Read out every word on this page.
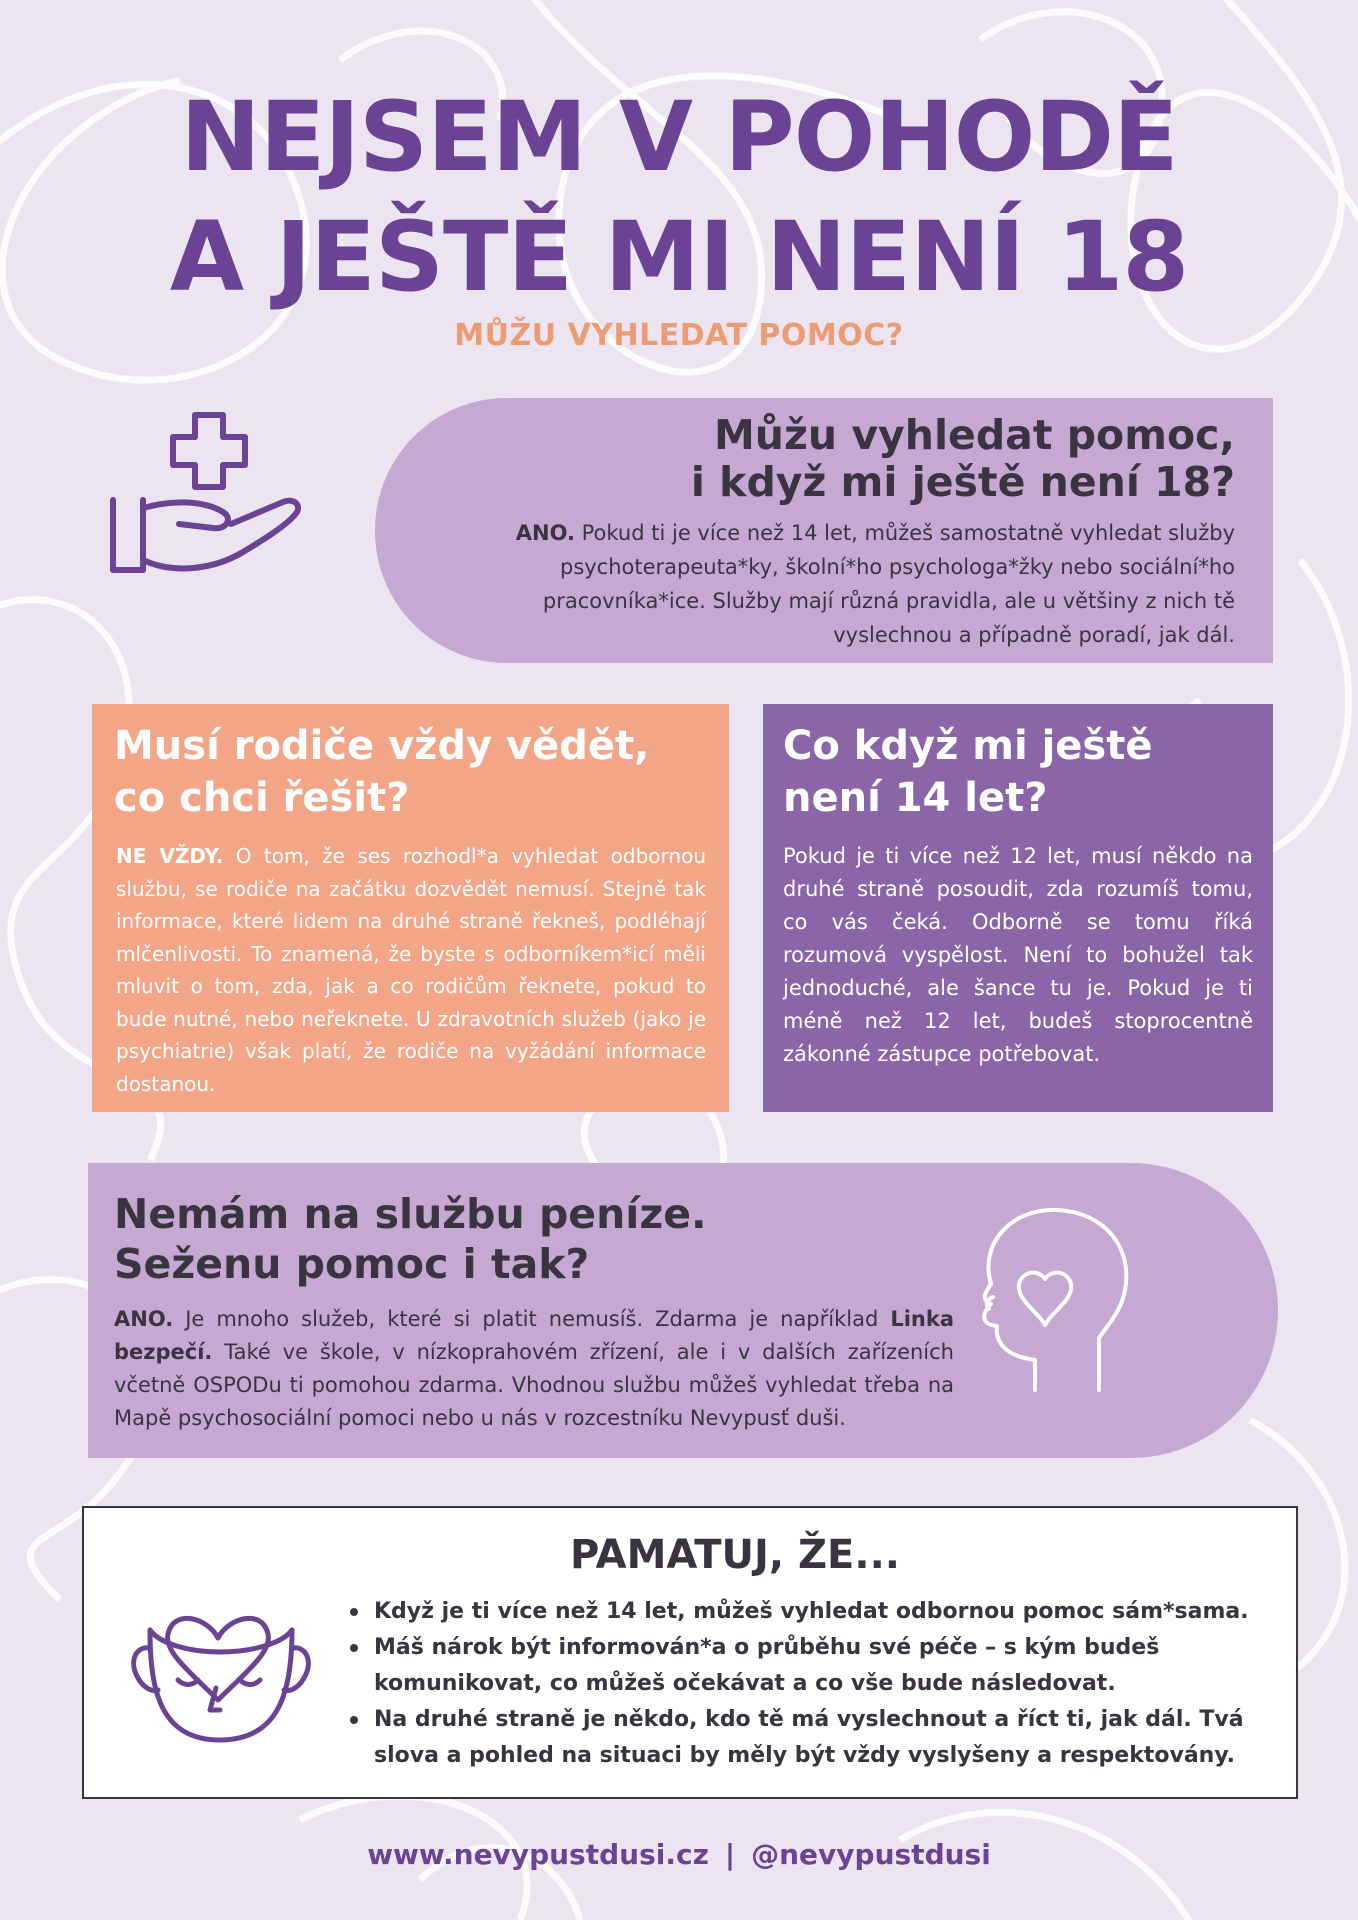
NEJSEM V POHODĚ
A JEŠTĚ MI NENÍ 18
MŮŽU VYHLEDAT POMOC?
Můžu vyhledat pomoc,
i když mi ještě není 18?
ANO. Pokud ti je více než 14 let, můžeš samostatně vyhledat služby psychoterapeuta*ky, školní*ho psychologa*žky nebo sociální*ho pracovníka*ice. Služby mají různá pravidla, ale u většiny z nich tě vyslechnou a případně poradí, jak dál.
Musí rodiče vždy vědět,
co chci řešit?
NE VŽDY. O tom, že ses rozhodl*a vyhledat odbornou službu, se rodiče na začátku dozvědět nemusí. Stejně tak informace, které lidem na druhé straně řekneš, podléhají mlčenlivosti. To znamená, že byste s odborníkem*icí měli mluvit o tom, zda, jak a co rodičům řeknete, pokud to bude nutné, nebo neřeknete. U zdravotních služeb (jako je psychiatrie) však platí, že rodiče na vyžádání informace dostanou.
Co když mi ještě
není 14 let?
Pokud je ti více než 12 let, musí někdo na druhé straně posoudit, zda rozumíš tomu, co vás čeká. Odborně se tomu říká rozumová vyspělost. Není to bohužel tak jednoduché, ale šance tu je. Pokud je ti méně než 12 let, budeš stoprocentně zákonné zástupce potřebovat.
Nemám na službu peníze.
Seženu pomoc i tak?
ANO. Je mnoho služeb, které si platit nemusíš. Zdarma je například Linka bezpečí. Také ve škole, v nízkoprahovém zřízení, ale i v dalších zařízeních včetně OSPODu ti pomohou zdarma. Vhodnou službu můžeš vyhledat třeba na Mapě psychosociální pomoci nebo u nás v rozcestníku Nevypusť duši.
PAMATUJ, ŽE...
Když je ti více než 14 let, můžeš vyhledat odbornou pomoc sám*sama.
Máš nárok být informován*a o průběhu své péče – s kým budeš komunikovat, co můžeš očekávat a co vše bude následovat.
Na druhé straně je někdo, kdo tě má vyslechnout a říct ti, jak dál. Tvá slova a pohled na situaci by měly být vždy vyslyšeny a respektovány.
www.nevypustdusi.cz | @nevypustdusi
